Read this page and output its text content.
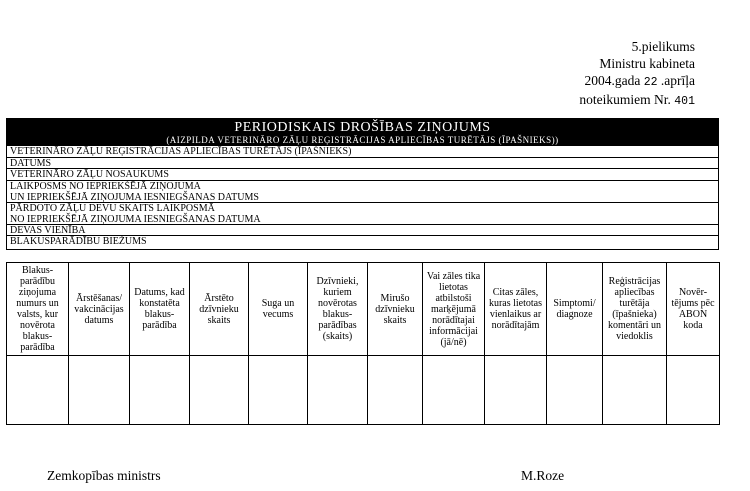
5.pielikums
Ministru kabineta
2004.gada 22 .aprīļa
noteikumiem Nr. 401
PERIODISKAIS DROŠĪBAS ZIŅOJUMS
(AIZPILDA VETERINĀRO ZĀĻU REĢISTRĀCIJAS APLIECĪBAS TURĒTĀJS (ĪPAŠNIEKS))
VETERINĀRO ZĀĻU REĢISTRĀCIJAS APLIECĪBAS TURĒTĀJS (ĪPAŠNIEKS)
DATUMS
VETERINĀRO ZĀĻU NOSAUKUMS
LAIKPOSMS NO IEPRIEKŠĒJĀ ZIŅOJUMA
UN IEPRIEKŠĒJĀ ZIŅOJUMA IESNIEGŠANAS DATUMS
PĀRDOTO ZĀĻU DEVU SKAITS LAIKPOSMĀ
NO IEPRIEKŠĒJĀ ZIŅOJUMA IESNIEGŠANAS DATUMA
DEVAS VIENĪBA
BLAKUSPARĀDĪBU BIEŽUMS
Blakus-parādību ziņojuma numurs un valsts, kur novērota blakus-parādība	Ārstēšanas/ vakcinācijas datums	Datums, kad konstatēta blakus-parādība	Ārstēto dzīvnieku skaits	Suga un vecums	Dzīvnieki, kuriem novērotas blakus-parādības (skaits)	Mirušo dzīvnieku skaits	Vai zāles tika lietotas atbilstoši marķējumā norādītajai informācijai (jā/nē)	Citas zāles, kuras lietotas vienlaikus ar norādītajām	Simptomi/ diagnoze	Reģistrācijas apliecības turētāja (īpašnieka) komentāri un viedoklis	Novēr-tējums pēc ABON koda

Zemkopības ministrs	M.Roze
